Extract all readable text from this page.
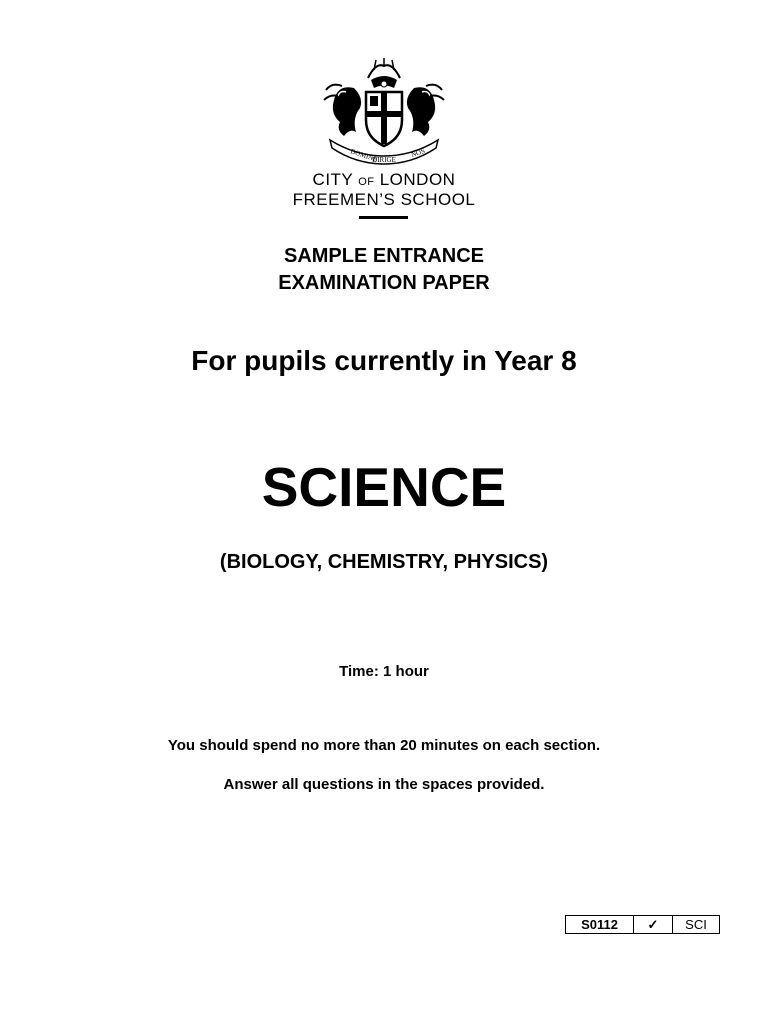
DOMINE
DIRIGE
NOS
CITY OF LONDON
FREEMEN’S SCHOOL
SAMPLE ENTRANCE
EXAMINATION PAPER
For pupils currently in Year 8
SCIENCE
(BIOLOGY, CHEMISTRY, PHYSICS)
Time: 1 hour
You should spend no more than 20 minutes on each section.
Answer all questions in the spaces provided.
S0112	✓	SCI
